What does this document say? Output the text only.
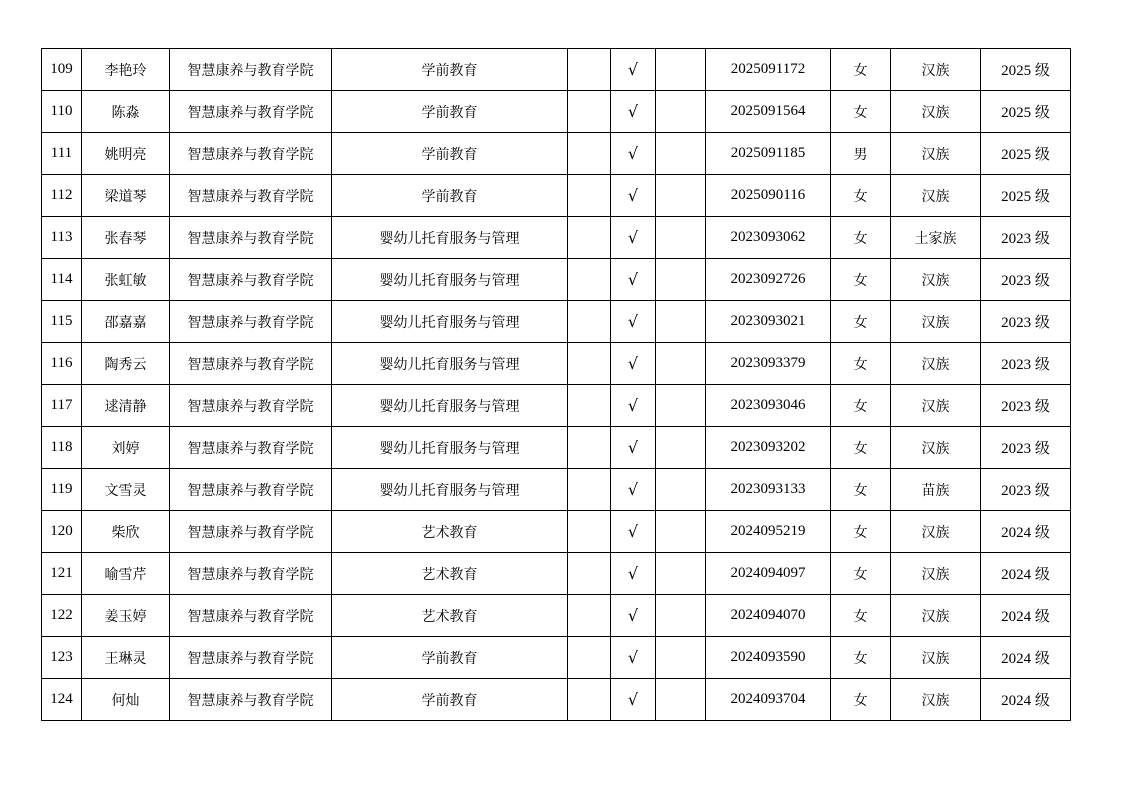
109	李艳玲	智慧康养与教育学院	学前教育		√		2025091172	女	汉族	2025 级
110	陈淼	智慧康养与教育学院	学前教育		√		2025091564	女	汉族	2025 级
111	姚明亮	智慧康养与教育学院	学前教育		√		2025091185	男	汉族	2025 级
112	梁道琴	智慧康养与教育学院	学前教育		√		2025090116	女	汉族	2025 级
113	张春琴	智慧康养与教育学院	婴幼儿托育服务与管理		√		2023093062	女	土家族	2023 级
114	张虹敏	智慧康养与教育学院	婴幼儿托育服务与管理		√		2023092726	女	汉族	2023 级
115	邵嘉嘉	智慧康养与教育学院	婴幼儿托育服务与管理		√		2023093021	女	汉族	2023 级
116	陶秀云	智慧康养与教育学院	婴幼儿托育服务与管理		√		2023093379	女	汉族	2023 级
117	逑清静	智慧康养与教育学院	婴幼儿托育服务与管理		√		2023093046	女	汉族	2023 级
118	刘婷	智慧康养与教育学院	婴幼儿托育服务与管理		√		2023093202	女	汉族	2023 级
119	文雪灵	智慧康养与教育学院	婴幼儿托育服务与管理		√		2023093133	女	苗族	2023 级
120	柴欣	智慧康养与教育学院	艺术教育		√		2024095219	女	汉族	2024 级
121	喻雪芹	智慧康养与教育学院	艺术教育		√		2024094097	女	汉族	2024 级
122	姜玉婷	智慧康养与教育学院	艺术教育		√		2024094070	女	汉族	2024 级
123	王琳灵	智慧康养与教育学院	学前教育		√		2024093590	女	汉族	2024 级
124	何灿	智慧康养与教育学院	学前教育		√		2024093704	女	汉族	2024 级
